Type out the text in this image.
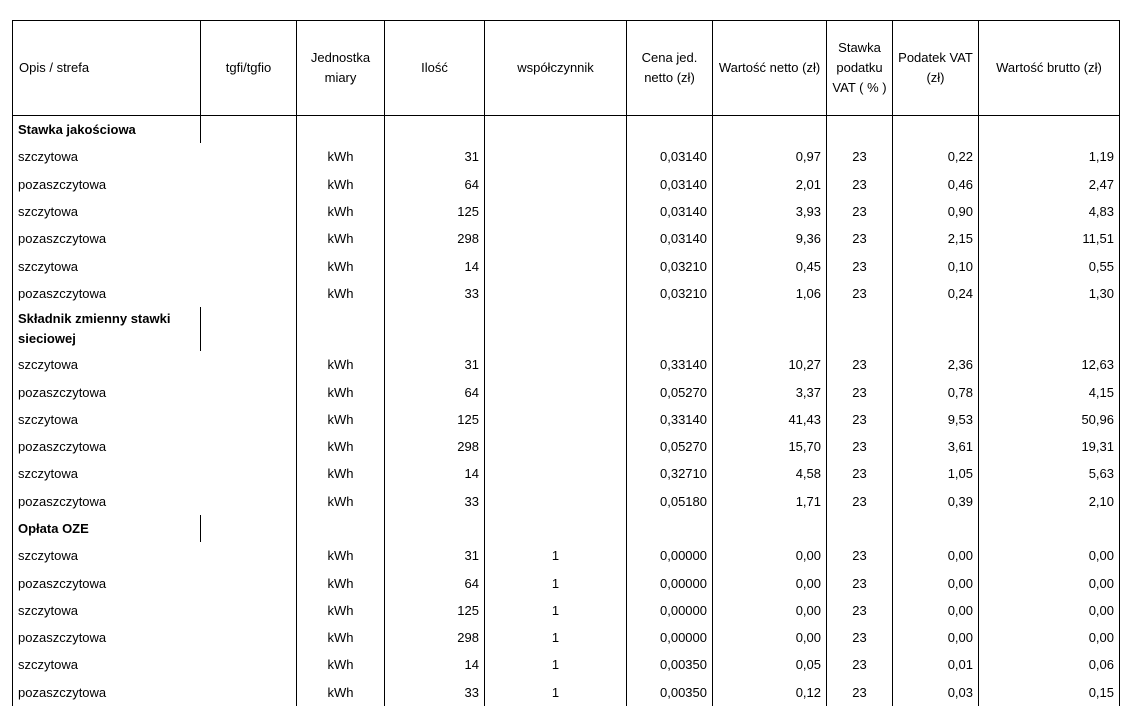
Opis / strefa	tgfi/tgfio	Jednostka miary	Ilość	współczynnik	Cena jed. netto (zł)	Wartość netto (zł)	Stawka podatku VAT ( % )	Podatek VAT (zł)	Wartość brutto (zł)
Stawka jakościowa									
szczytowa		kWh	31		0,03140	0,97	23	0,22	1,19
pozaszczytowa		kWh	64		0,03140	2,01	23	0,46	2,47
szczytowa		kWh	125		0,03140	3,93	23	0,90	4,83
pozaszczytowa		kWh	298		0,03140	9,36	23	2,15	11,51
szczytowa		kWh	14		0,03210	0,45	23	0,10	0,55
pozaszczytowa		kWh	33		0,03210	1,06	23	0,24	1,30
Składnik zmienny stawki sieciowej									
szczytowa		kWh	31		0,33140	10,27	23	2,36	12,63
pozaszczytowa		kWh	64		0,05270	3,37	23	0,78	4,15
szczytowa		kWh	125		0,33140	41,43	23	9,53	50,96
pozaszczytowa		kWh	298		0,05270	15,70	23	3,61	19,31
szczytowa		kWh	14		0,32710	4,58	23	1,05	5,63
pozaszczytowa		kWh	33		0,05180	1,71	23	0,39	2,10
Opłata OZE									
szczytowa		kWh	31	1	0,00000	0,00	23	0,00	0,00
pozaszczytowa		kWh	64	1	0,00000	0,00	23	0,00	0,00
szczytowa		kWh	125	1	0,00000	0,00	23	0,00	0,00
pozaszczytowa		kWh	298	1	0,00000	0,00	23	0,00	0,00
szczytowa		kWh	14	1	0,00350	0,05	23	0,01	0,06
pozaszczytowa		kWh	33	1	0,00350	0,12	23	0,03	0,15
